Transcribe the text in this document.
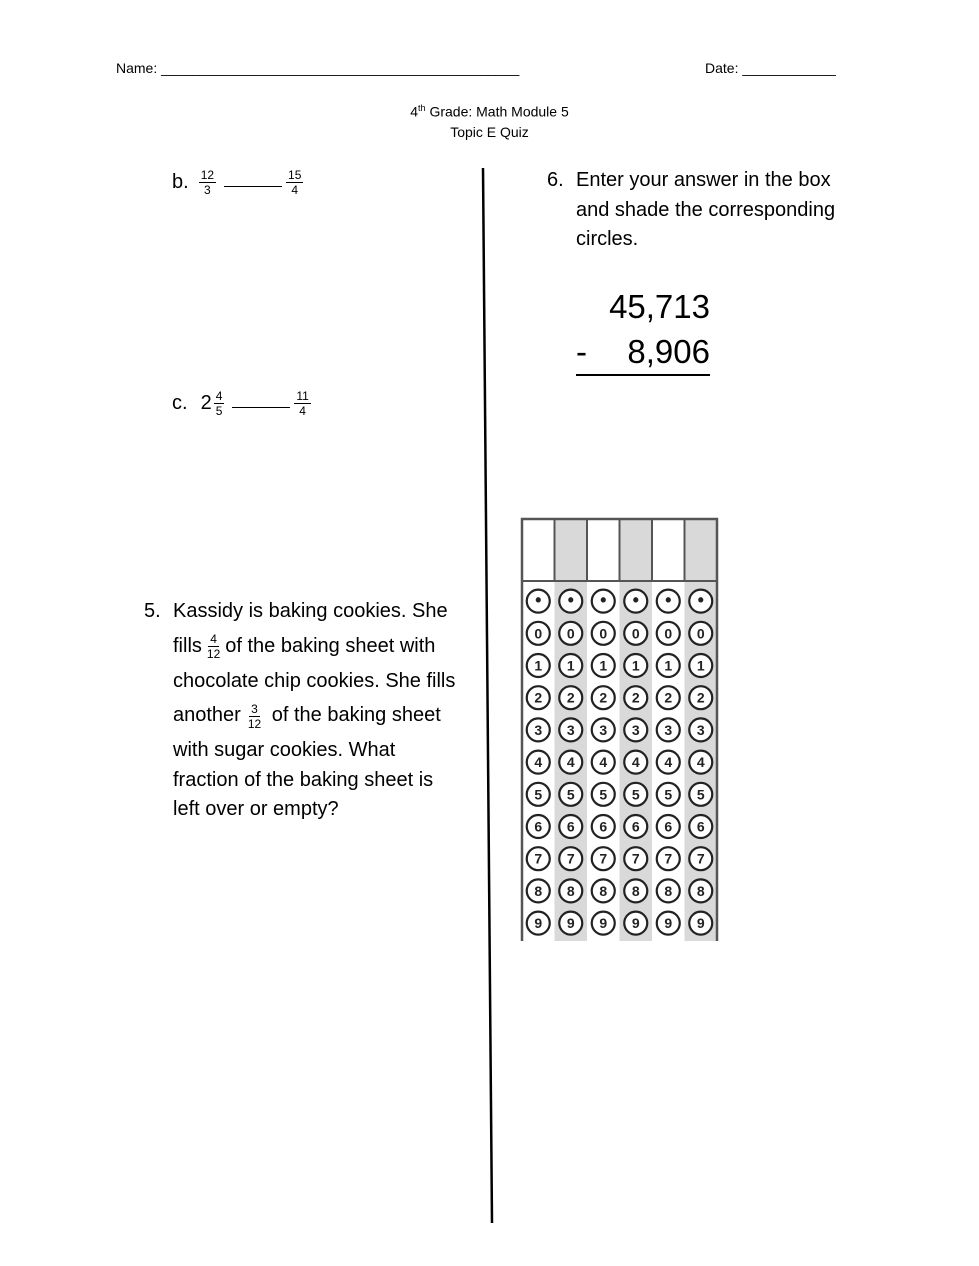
Name: ______________________________________________	Date: ____________
4th Grade: Math Module 5
Topic E Quiz
b. $\frac{12}{3}$	$\frac{15}{4}$
c. $2 \frac{4}{5}$	$\frac{11}{4}$
5. Kassidy is baking cookies. She
fills $\frac{4}{12}$ of the baking sheet with
chocolate chip cookies. She fills
another $\frac{3}{12}$ of the baking sheet
with sugar cookies. What
fraction of the baking sheet is
left over or empty?
6. Enter your answer in the box
and shade the corresponding
circles.
45,713
- 8,906
• • • • • •
0 0 0 0 0 0
1 1 1 1 1 1
2 2 2 2 2 2
3 3 3 3 3 3
4 4 4 4 4 4
5 5 5 5 5 5
6 6 6 6 6 6
7 7 7 7 7 7
8 8 8 8 8 8
9 9 9 9 9 9
